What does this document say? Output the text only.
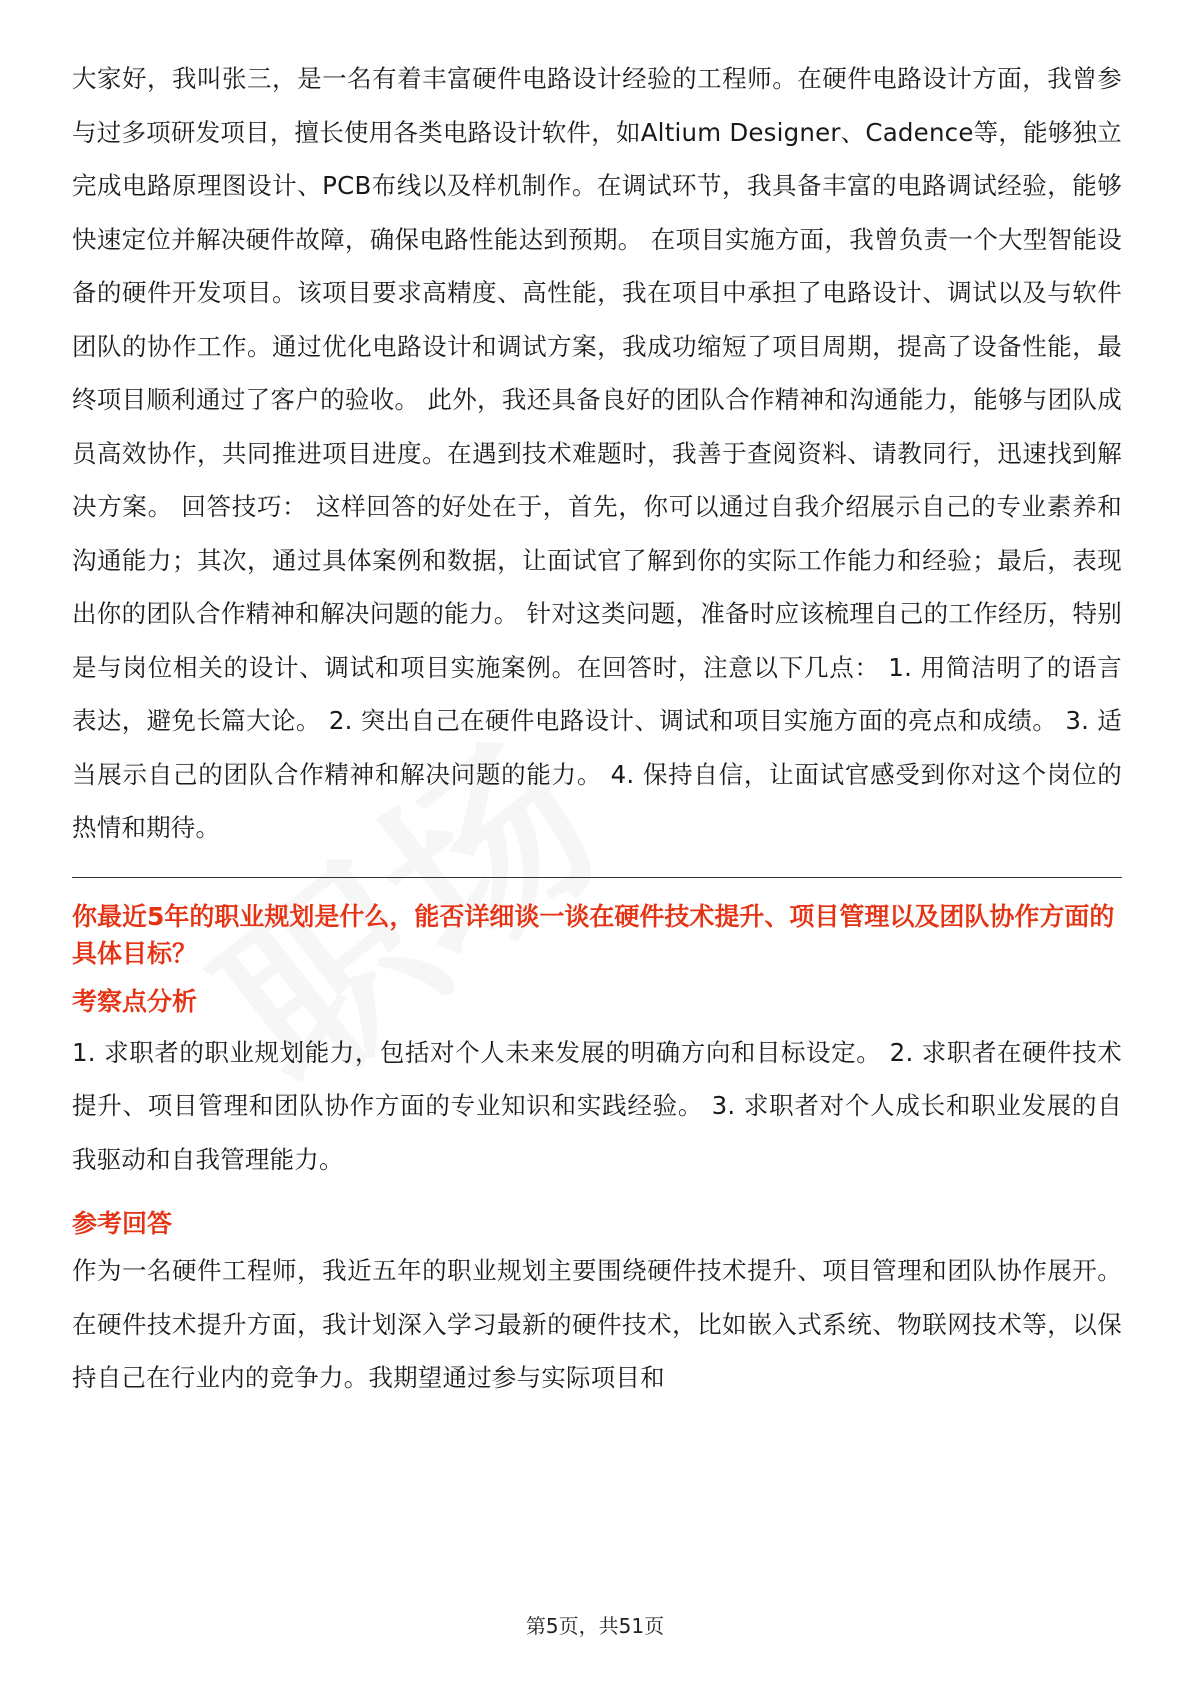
大家好，我叫张三，是一名有着丰富硬件电路设计经验的工程师。在硬件电路设计方面，我曾参与过多项研发项目，擅长使用各类电路设计软件，如Altium Designer、Cadence等，能够独立完成电路原理图设计、PCB布线以及样机制作。在调试环节，我具备丰富的电路调试经验，能够快速定位并解决硬件故障，确保电路性能达到预期。 在项目实施方面，我曾负责一个大型智能设备的硬件开发项目。该项目要求高精度、高性能，我在项目中承担了电路设计、调试以及与软件团队的协作工作。通过优化电路设计和调试方案，我成功缩短了项目周期，提高了设备性能，最终项目顺利通过了客户的验收。 此外，我还具备良好的团队合作精神和沟通能力，能够与团队成员高效协作，共同推进项目进度。在遇到技术难题时，我善于查阅资料、请教同行，迅速找到解决方案。 回答技巧： 这样回答的好处在于，首先，你可以通过自我介绍展示自己的专业素养和沟通能力；其次，通过具体案例和数据，让面试官了解到你的实际工作能力和经验；最后，表现出你的团队合作精神和解决问题的能力。 针对这类问题，准备时应该梳理自己的工作经历，特别是与岗位相关的设计、调试和项目实施案例。在回答时，注意以下几点： 1. 用简洁明了的语言表达，避免长篇大论。 2. 突出自己在硬件电路设计、调试和项目实施方面的亮点和成绩。 3. 适当展示自己的团队合作精神和解决问题的能力。 4. 保持自信，让面试官感受到你对这个岗位的热情和期待。

你最近5年的职业规划是什么，能否详细谈一谈在硬件技术提升、项目管理以及团队协作方面的具体目标？

考察点分析

1. 求职者的职业规划能力，包括对个人未来发展的明确方向和目标设定。 2. 求职者在硬件技术提升、项目管理和团队协作方面的专业知识和实践经验。 3. 求职者对个人成长和职业发展的自我驱动和自我管理能力。

参考回答

作为一名硬件工程师，我近五年的职业规划主要围绕硬件技术提升、项目管理和团队协作展开。在硬件技术提升方面，我计划深入学习最新的硬件技术，比如嵌入式系统、物联网技术等，以保持自己在行业内的竞争力。我期望通过参与实际项目和

第5页，共51页
